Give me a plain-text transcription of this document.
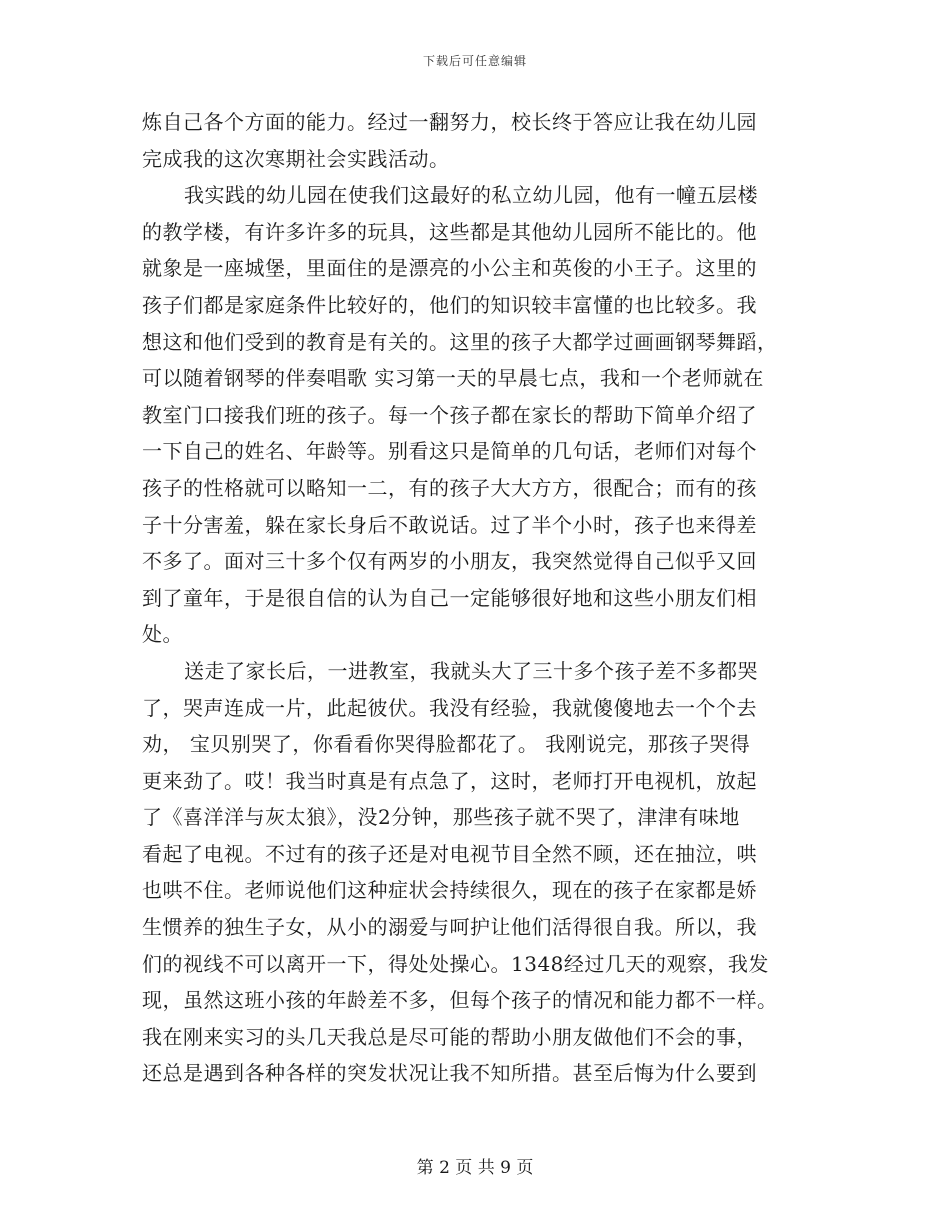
下载后可任意编辑
炼自己各个方面的能力。经过一翻努力，校长终于答应让我在幼儿园
完成我的这次寒期社会实践活动。
我实践的幼儿园在使我们这最好的私立幼儿园，他有一幢五层楼
的教学楼，有许多许多的玩具，这些都是其他幼儿园所不能比的。他
就象是一座城堡，里面住的是漂亮的小公主和英俊的小王子。这里的
孩子们都是家庭条件比较好的，他们的知识较丰富懂的也比较多。我
想这和他们受到的教育是有关的。这里的孩子大都学过画画钢琴舞蹈，
可以随着钢琴的伴奏唱歌 实习第一天的早晨七点，我和一个老师就在
教室门口接我们班的孩子。每一个孩子都在家长的帮助下简单介绍了
一下自己的姓名、年龄等。别看这只是简单的几句话，老师们对每个
孩子的性格就可以略知一二，有的孩子大大方方，很配合；而有的孩
子十分害羞，躲在家长身后不敢说话。过了半个小时，孩子也来得差
不多了。面对三十多个仅有两岁的小朋友，我突然觉得自己似乎又回
到了童年，于是很自信的认为自己一定能够很好地和这些小朋友们相
处。
送走了家长后，一进教室，我就头大了三十多个孩子差不多都哭
了，哭声连成一片，此起彼伏。我没有经验，我就傻傻地去一个个去
劝， 宝贝别哭了，你看看你哭得脸都花了。 我刚说完，那孩子哭得
更来劲了。哎！我当时真是有点急了，这时，老师打开电视机，放起
了《喜洋洋与灰太狼》，没2分钟，那些孩子就不哭了，津津有味地
看起了电视。不过有的孩子还是对电视节目全然不顾，还在抽泣，哄
也哄不住。老师说他们这种症状会持续很久，现在的孩子在家都是娇
生惯养的独生子女，从小的溺爱与呵护让他们活得很自我。所以，我
们的视线不可以离开一下，得处处操心。1348经过几天的观察，我发
现，虽然这班小孩的年龄差不多，但每个孩子的情况和能力都不一样。
我在刚来实习的头几天我总是尽可能的帮助小朋友做他们不会的事，
还总是遇到各种各样的突发状况让我不知所措。甚至后悔为什么要到
第 2 页 共 9 页
